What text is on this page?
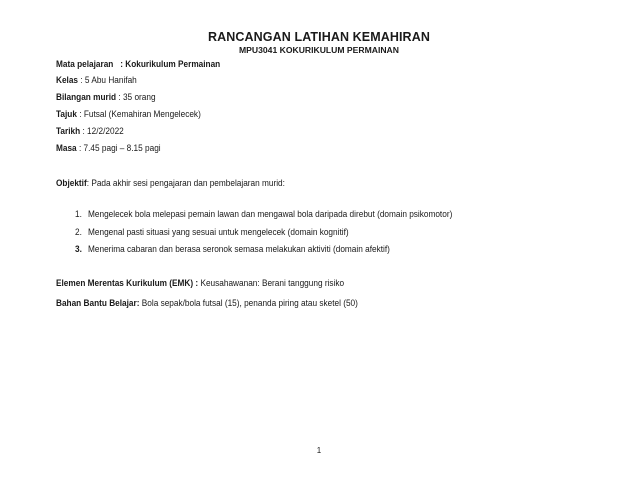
RANCANGAN LATIHAN KEMAHIRAN
MPU3041 KOKURIKULUM PERMAINAN
Mata pelajaran : Kokurikulum Permainan
Kelas : 5 Abu Hanifah
Bilangan murid : 35 orang
Tajuk : Futsal (Kemahiran Mengelecek)
Tarikh : 12/2/2022
Masa : 7.45 pagi – 8.15 pagi
Objektif: Pada akhir sesi pengajaran dan pembelajaran murid:
1. Mengelecek bola melepasi pemain lawan dan mengawal bola daripada direbut (domain psikomotor)
2. Mengenal pasti situasi yang sesuai untuk mengelecek (domain kognitif)
3. Menerima cabaran dan berasa seronok semasa melakukan aktiviti (domain afektif)
Elemen Merentas Kurikulum (EMK) : Keusahawanan: Berani tanggung risiko
Bahan Bantu Belajar: Bola sepak/bola futsal (15), penanda piring atau sketel (50)
1
